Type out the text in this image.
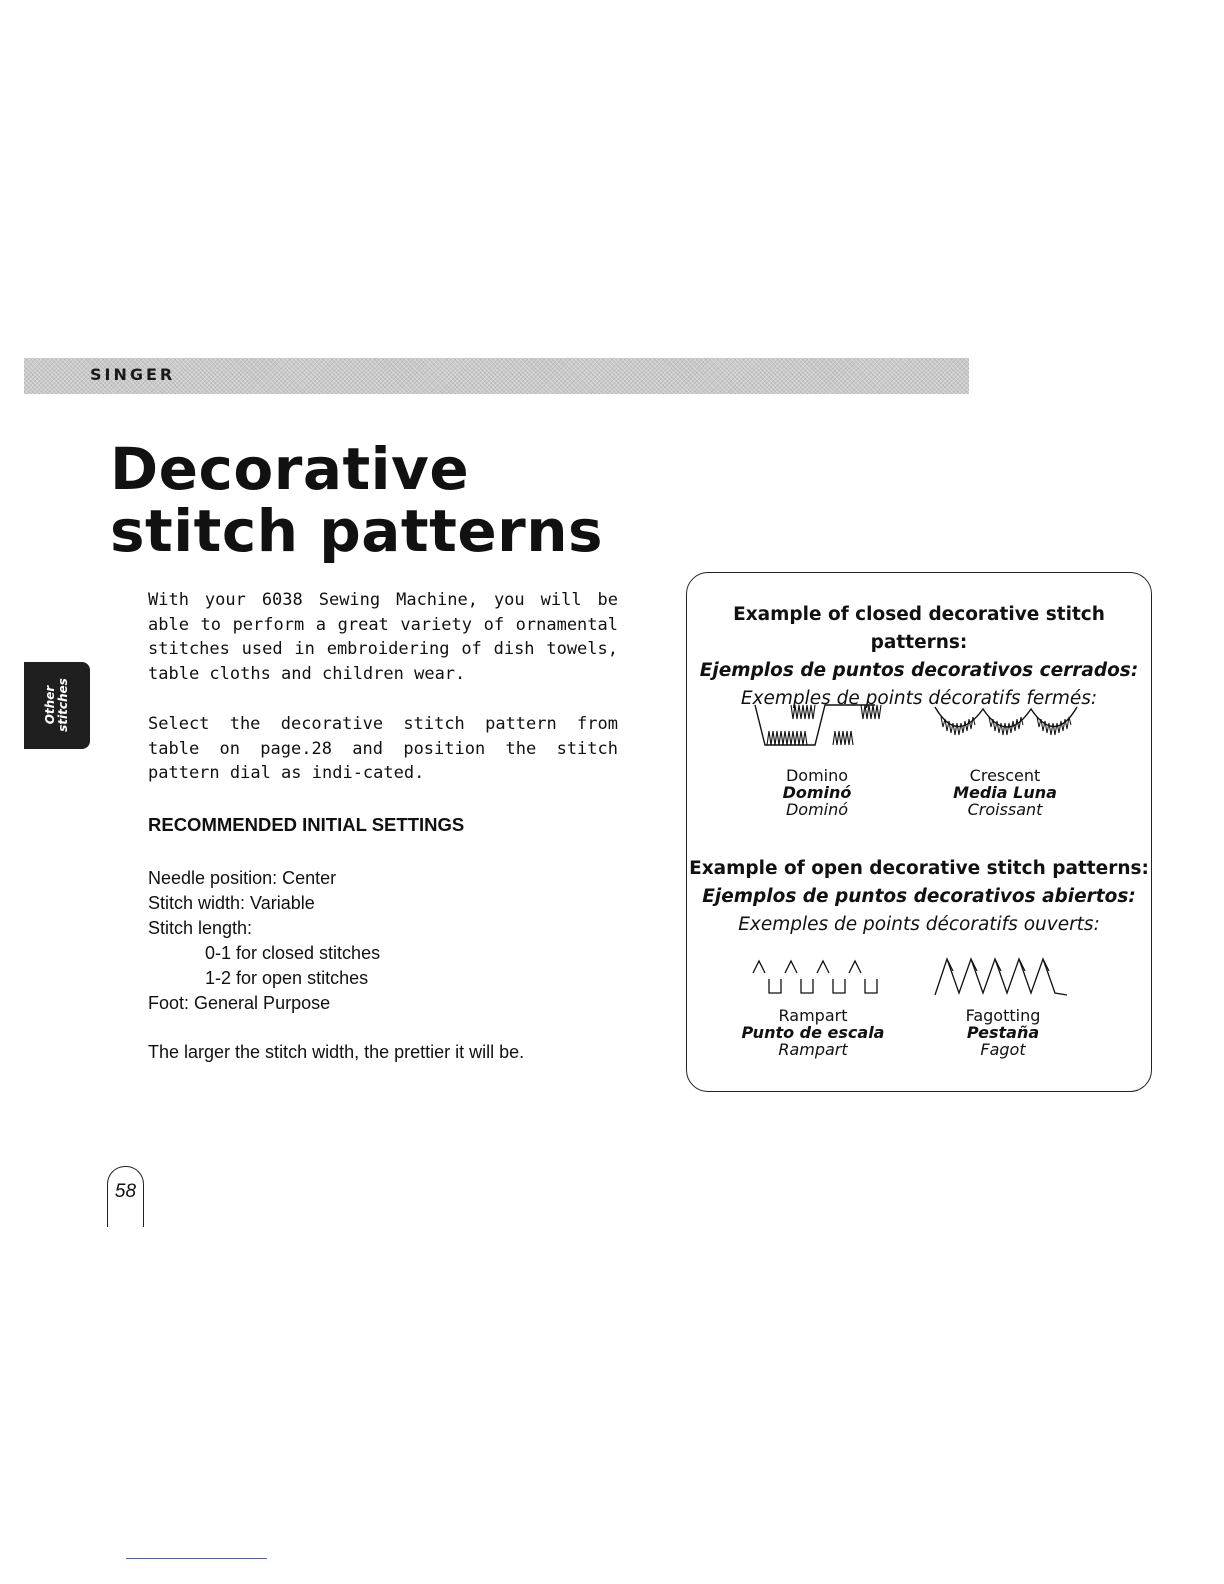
SINGER
Decorative stitch patterns
Other stitches

With your 6038 Sewing Machine, you will be able to perform a great variety of ornamental stitches used in embroidering of dish towels, table cloths and children wear.

Select the decorative stitch pattern from table on page.28 and position the stitch pattern dial as indi-cated.

RECOMMENDED INITIAL SETTINGS
Needle position: Center
Stitch width: Variable
Stitch length:
0-1 for closed stitches
1-2 for open stitches
Foot: General Purpose
The larger the stitch width, the prettier it will be.
Example of closed decorative stitch patterns:
Ejemplos de puntos decorativos cerrados:
Exemples de points décoratifs fermés:
Domino
Dominó
Dominó
Crescent
Media Luna
Croissant
Example of open decorative stitch patterns:
Ejemplos de puntos decorativos abiertos:
Exemples de points décoratifs ouverts:
Rampart
Punto de escala
Rampart
Fagotting
Pestaña
Fagot
58
